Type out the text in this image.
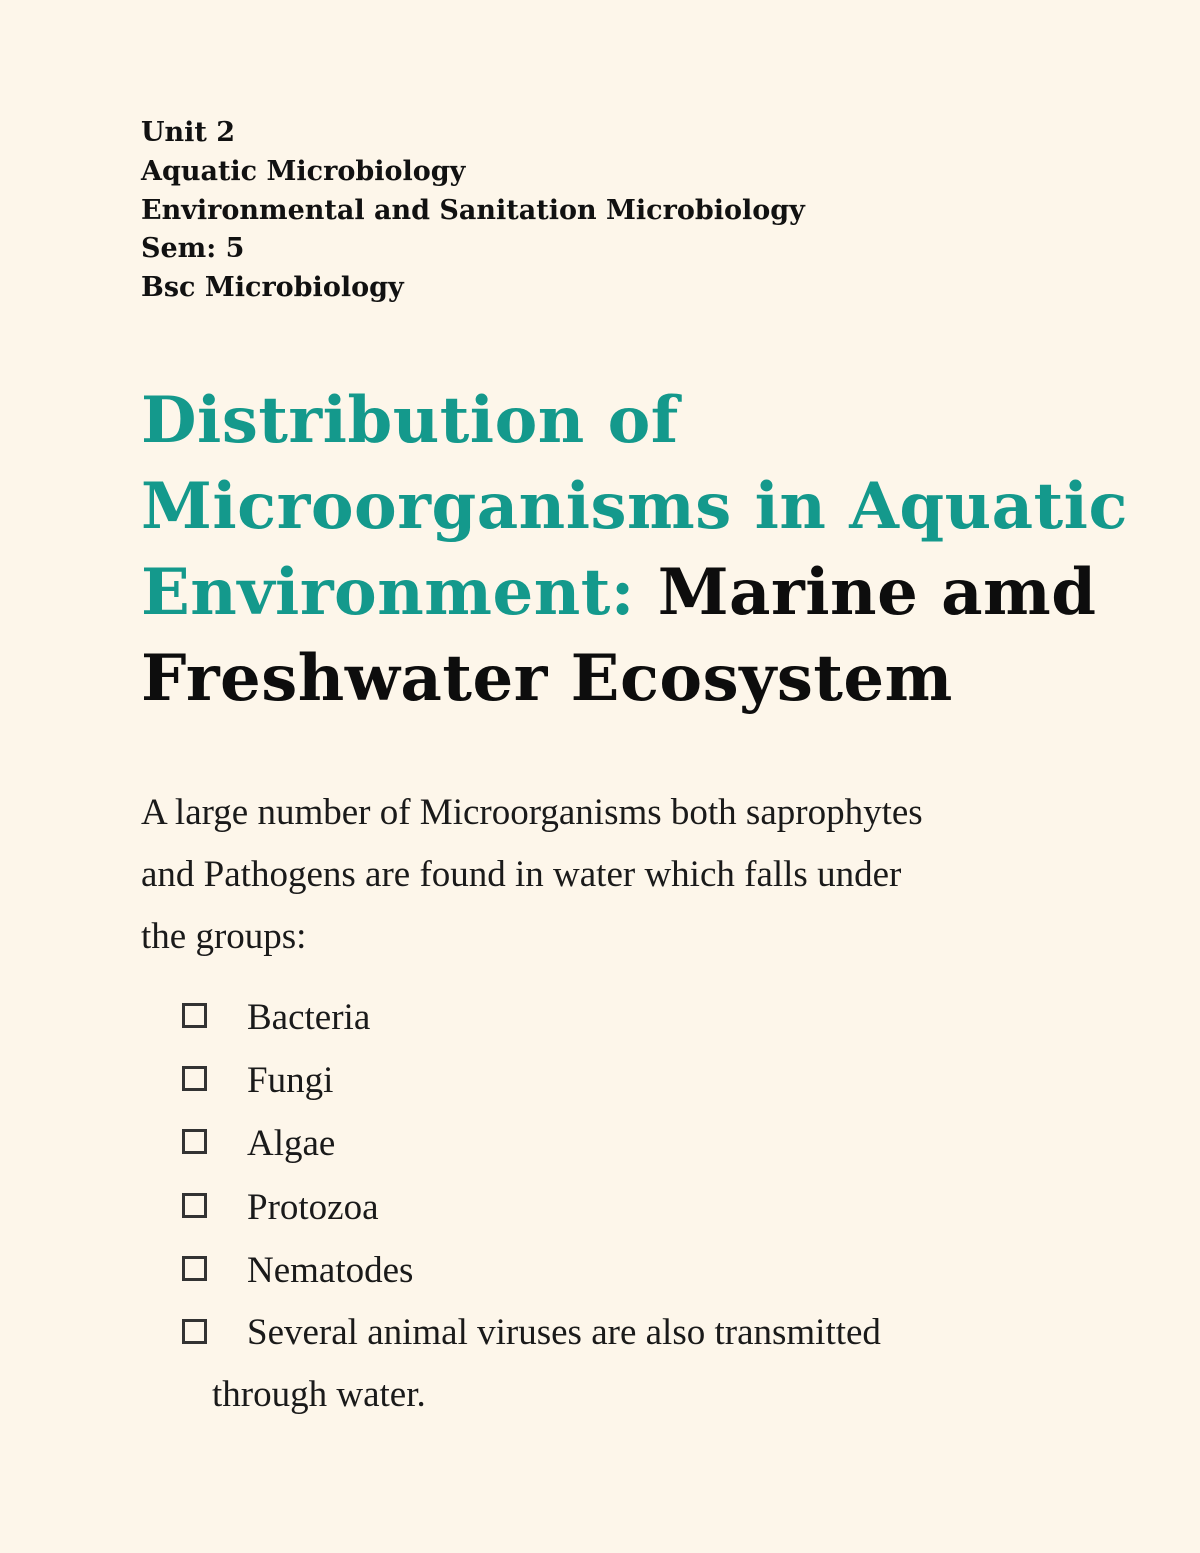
Unit 2
Aquatic Microbiology
Environmental and Sanitation Microbiology
Sem: 5
Bsc Microbiology
Distribution of
Microorganisms in Aquatic
Environment: Marine amd
Freshwater Ecosystem

A large number of Microorganisms both saprophytes
and Pathogens are found in water which falls under
the groups:

Bacteria
Fungi
Algae
Protozoa
Nematodes
Several animal viruses are also transmitted
through water.
